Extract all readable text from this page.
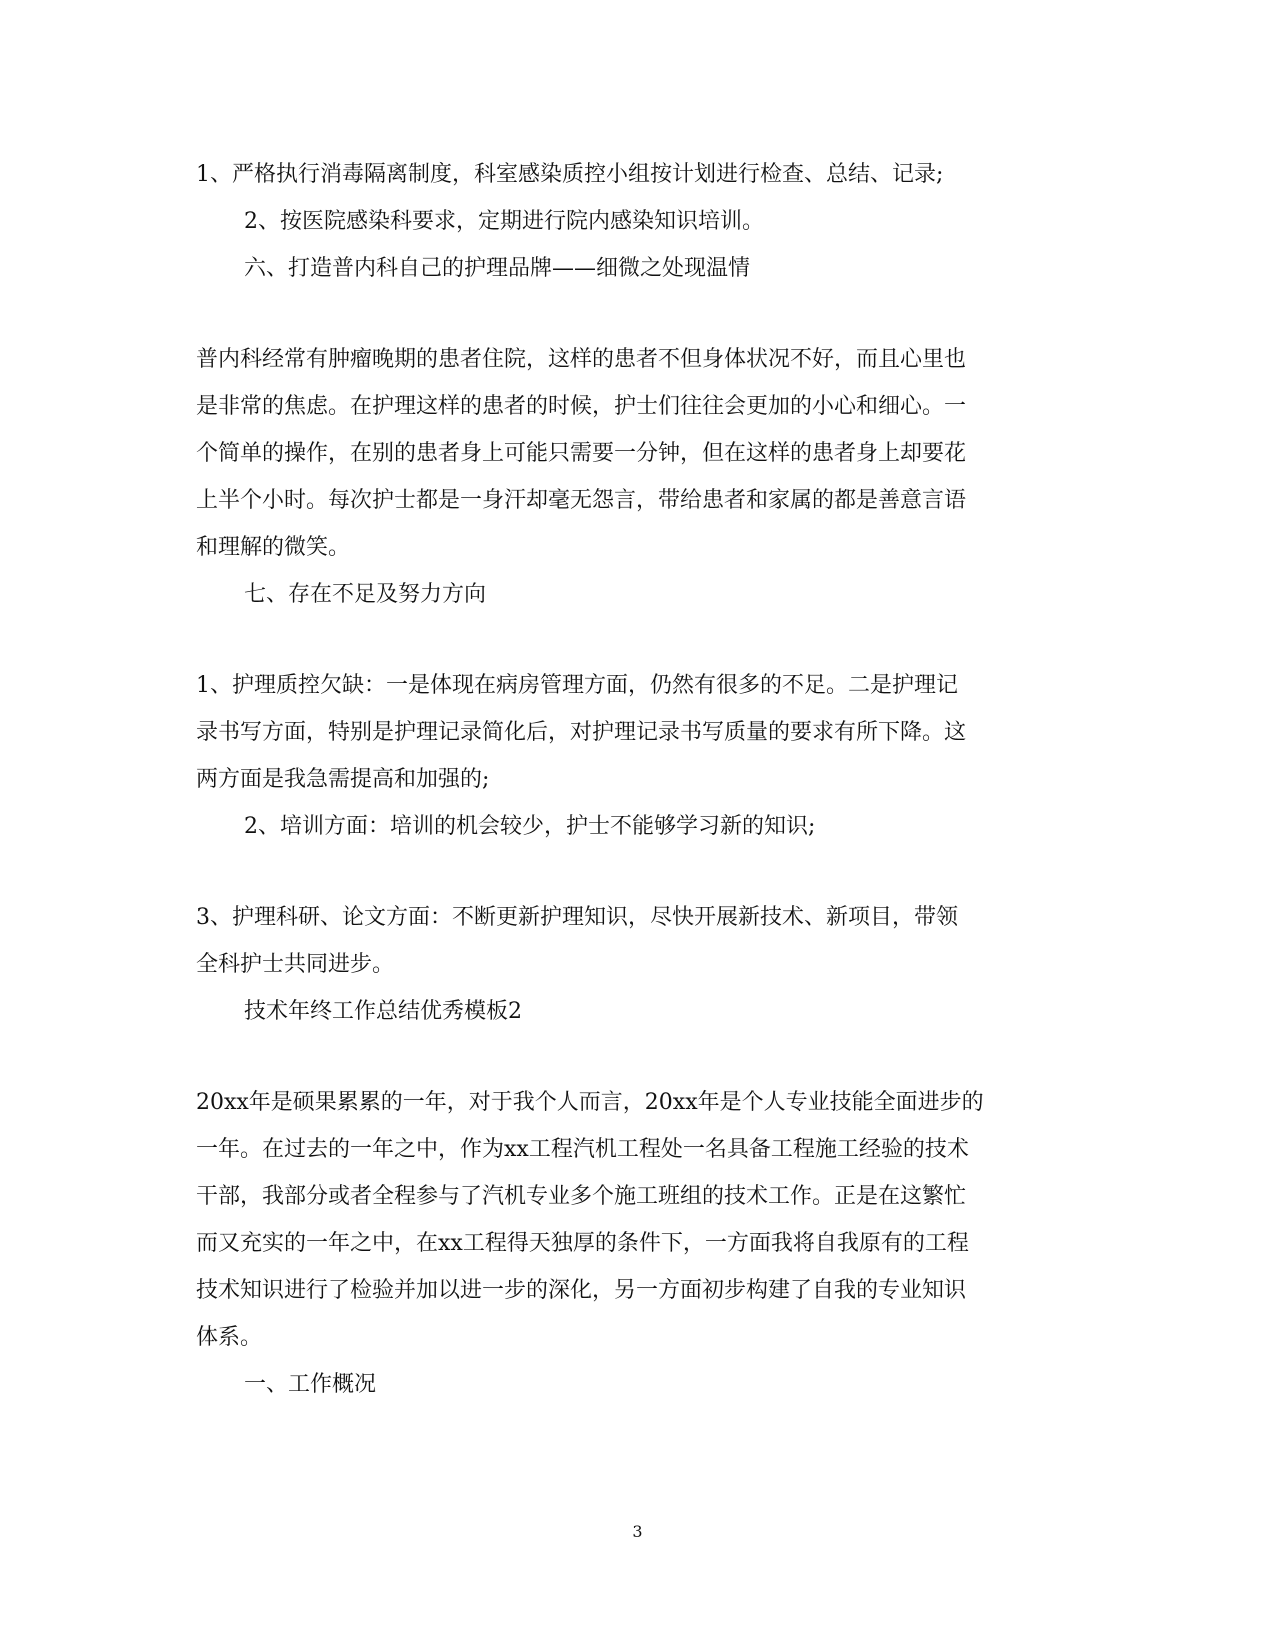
1、严格执行消毒隔离制度，科室感染质控小组按计划进行检查、总结、记录;
2、按医院感染科要求，定期进行院内感染知识培训。
六、打造普内科自己的护理品牌——细微之处现温情
普内科经常有肿瘤晚期的患者住院，这样的患者不但身体状况不好，而且心里也
是非常的焦虑。在护理这样的患者的时候，护士们往往会更加的小心和细心。一
个简单的操作，在别的患者身上可能只需要一分钟，但在这样的患者身上却要花
上半个小时。每次护士都是一身汗却毫无怨言，带给患者和家属的都是善意言语
和理解的微笑。
七、存在不足及努力方向
1、护理质控欠缺：一是体现在病房管理方面，仍然有很多的不足。二是护理记
录书写方面，特别是护理记录简化后，对护理记录书写质量的要求有所下降。这
两方面是我急需提高和加强的;
2、培训方面：培训的机会较少，护士不能够学习新的知识;
3、护理科研、论文方面：不断更新护理知识，尽快开展新技术、新项目，带领
全科护士共同进步。
技术年终工作总结优秀模板2
20xx年是硕果累累的一年，对于我个人而言，20xx年是个人专业技能全面进步的
一年。在过去的一年之中，作为xx工程汽机工程处一名具备工程施工经验的技术
干部，我部分或者全程参与了汽机专业多个施工班组的技术工作。正是在这繁忙
而又充实的一年之中，在xx工程得天独厚的条件下，一方面我将自我原有的工程
技术知识进行了检验并加以进一步的深化，另一方面初步构建了自我的专业知识
体系。
一、工作概况
3
